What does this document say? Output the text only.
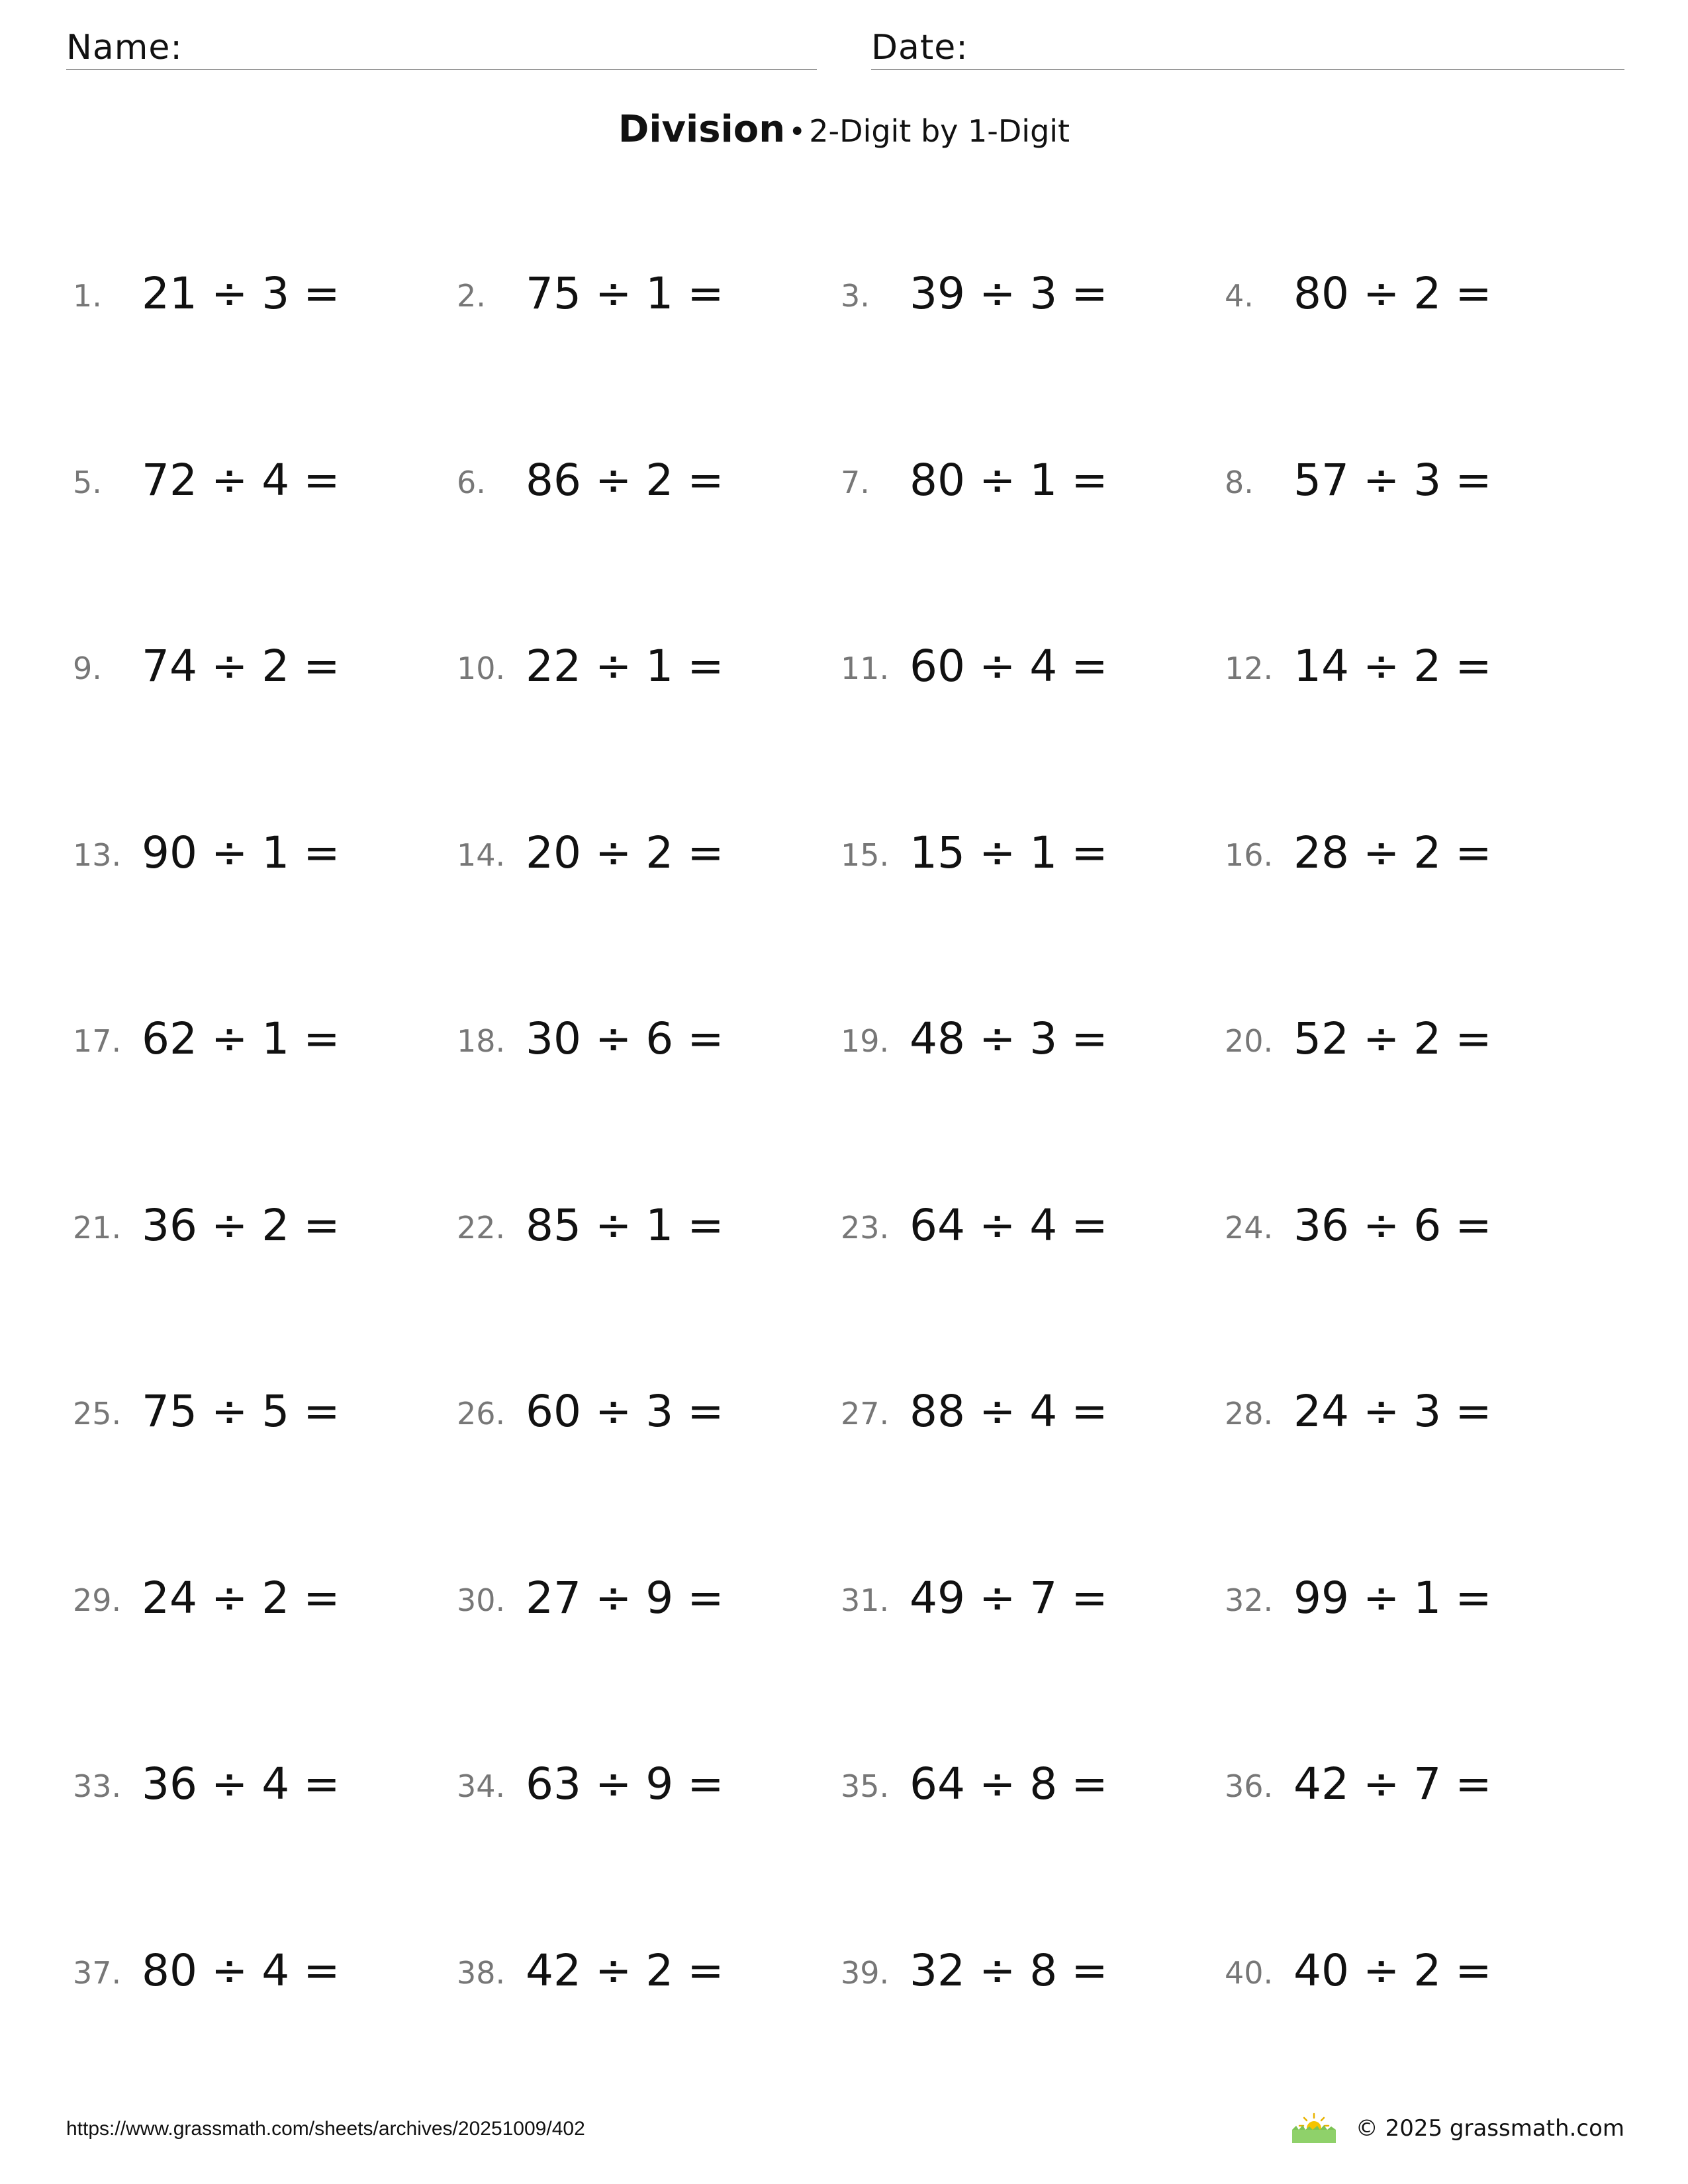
Name:	Date:
Division • 2-Digit by 1-Digit
1. 21 ÷ 3 =	2. 75 ÷ 1 =	3. 39 ÷ 3 =	4. 80 ÷ 2 =
5. 72 ÷ 4 =	6. 86 ÷ 2 =	7. 80 ÷ 1 =	8. 57 ÷ 3 =
9. 74 ÷ 2 =	10. 22 ÷ 1 =	11. 60 ÷ 4 =	12. 14 ÷ 2 =
13. 90 ÷ 1 =	14. 20 ÷ 2 =	15. 15 ÷ 1 =	16. 28 ÷ 2 =
17. 62 ÷ 1 =	18. 30 ÷ 6 =	19. 48 ÷ 3 =	20. 52 ÷ 2 =
21. 36 ÷ 2 =	22. 85 ÷ 1 =	23. 64 ÷ 4 =	24. 36 ÷ 6 =
25. 75 ÷ 5 =	26. 60 ÷ 3 =	27. 88 ÷ 4 =	28. 24 ÷ 3 =
29. 24 ÷ 2 =	30. 27 ÷ 9 =	31. 49 ÷ 7 =	32. 99 ÷ 1 =
33. 36 ÷ 4 =	34. 63 ÷ 9 =	35. 64 ÷ 8 =	36. 42 ÷ 7 =
37. 80 ÷ 4 =	38. 42 ÷ 2 =	39. 32 ÷ 8 =	40. 40 ÷ 2 =
https://www.grassmath.com/sheets/archives/20251009/402	© 2025 grassmath.com
